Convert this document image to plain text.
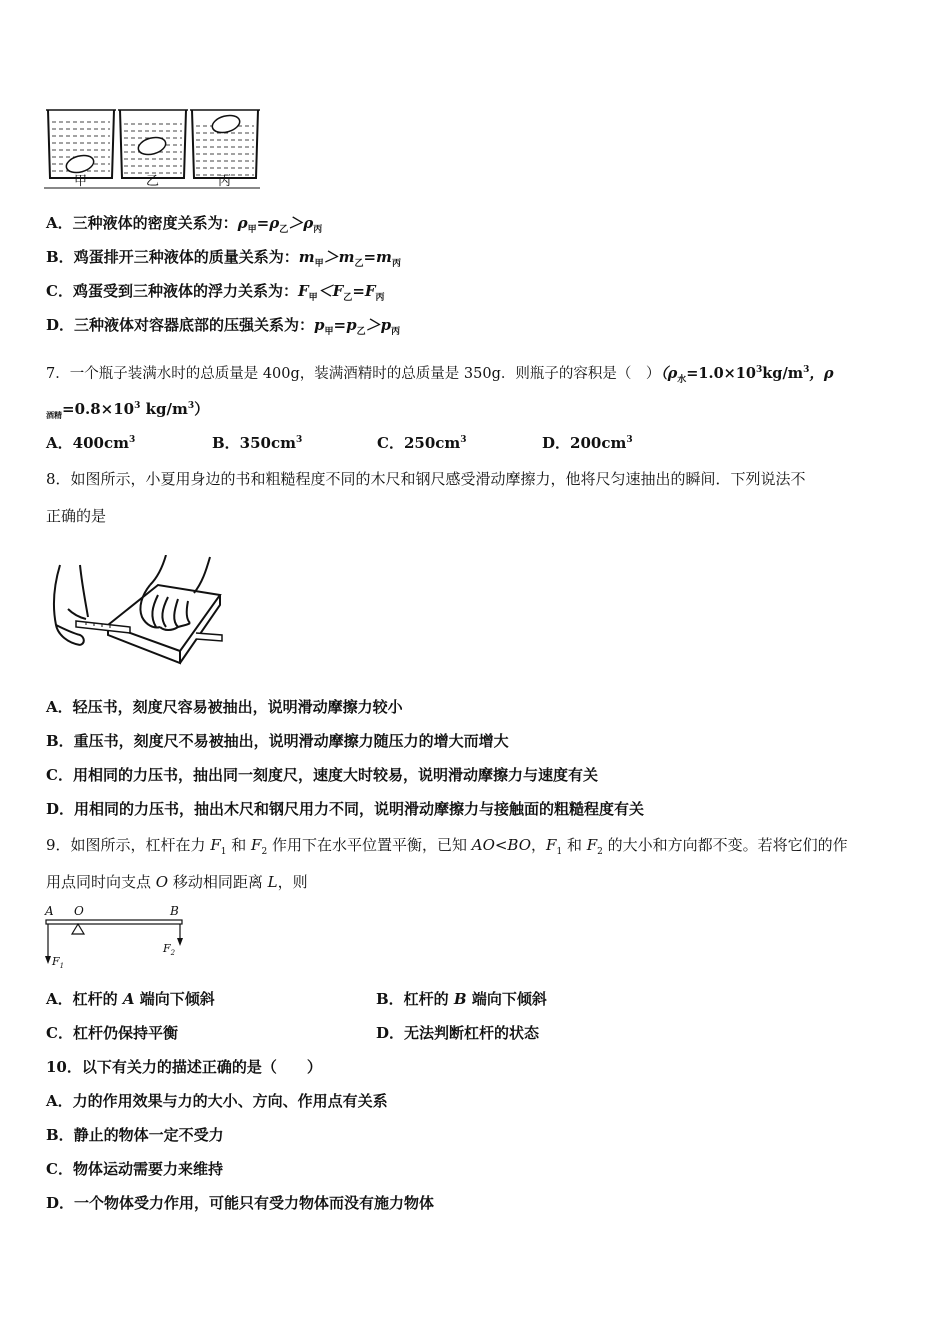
甲	乙	丙
A．三种液体的密度关系为：$\rho_甲=\rho_乙>\rho_丙$
B．鸡蛋排开三种液体的质量关系为：$m_甲>m_乙=m_丙$
C．鸡蛋受到三种液体的浮力关系为：$F_甲<F_乙=F_丙$
D．三种液体对容器底部的压强关系为：$p_甲=p_乙>p_丙$
7．一个瓶子装满水时的总质量是 400g，装满酒精时的总质量是 350g．则瓶子的容积是（　）（$\rho_水=1.0\times 10^3kg/m^3$，ρ
$_{酒精}=0.8\times 10^3$ $kg/m^3$）
A．$400cm^3$	B．$350cm^3$	C．$250cm^3$	D．$200cm^3$
8．如图所示，小夏用身边的书和粗糙程度不同的木尺和钢尺感受滑动摩擦力，他将尺匀速抽出的瞬间．下列说法不
正确的是
A．轻压书，刻度尺容易被抽出，说明滑动摩擦力较小
B．重压书，刻度尺不易被抽出，说明滑动摩擦力随压力的增大而增大
C．用相同的力压书，抽出同一刻度尺，速度大时较易，说明滑动摩擦力与速度有关
D．用相同的力压书，抽出木尺和钢尺用力不同，说明滑动摩擦力与接触面的粗糙程度有关
9．如图所示，杠杆在力 $F_1$ 和 $F_2$ 作用下在水平位置平衡，已知 AO<BO，$F_1$ 和 $F_2$ 的大小和方向都不变。若将它们的作
用点同时向支点 O 移动相同距离 L，则
A O	B
$F_1$
$F_2$
A．杠杆的 A 端向下倾斜	B．杠杆的 B 端向下倾斜
C．杠杆仍保持平衡	D．无法判断杠杆的状态
10．以下有关力的描述正确的是（　　）
A．力的作用效果与力的大小、方向、作用点有关系
B．静止的物体一定不受力
C．物体运动需要力来维持
D．一个物体受力作用，可能只有受力物体而没有施力物体
